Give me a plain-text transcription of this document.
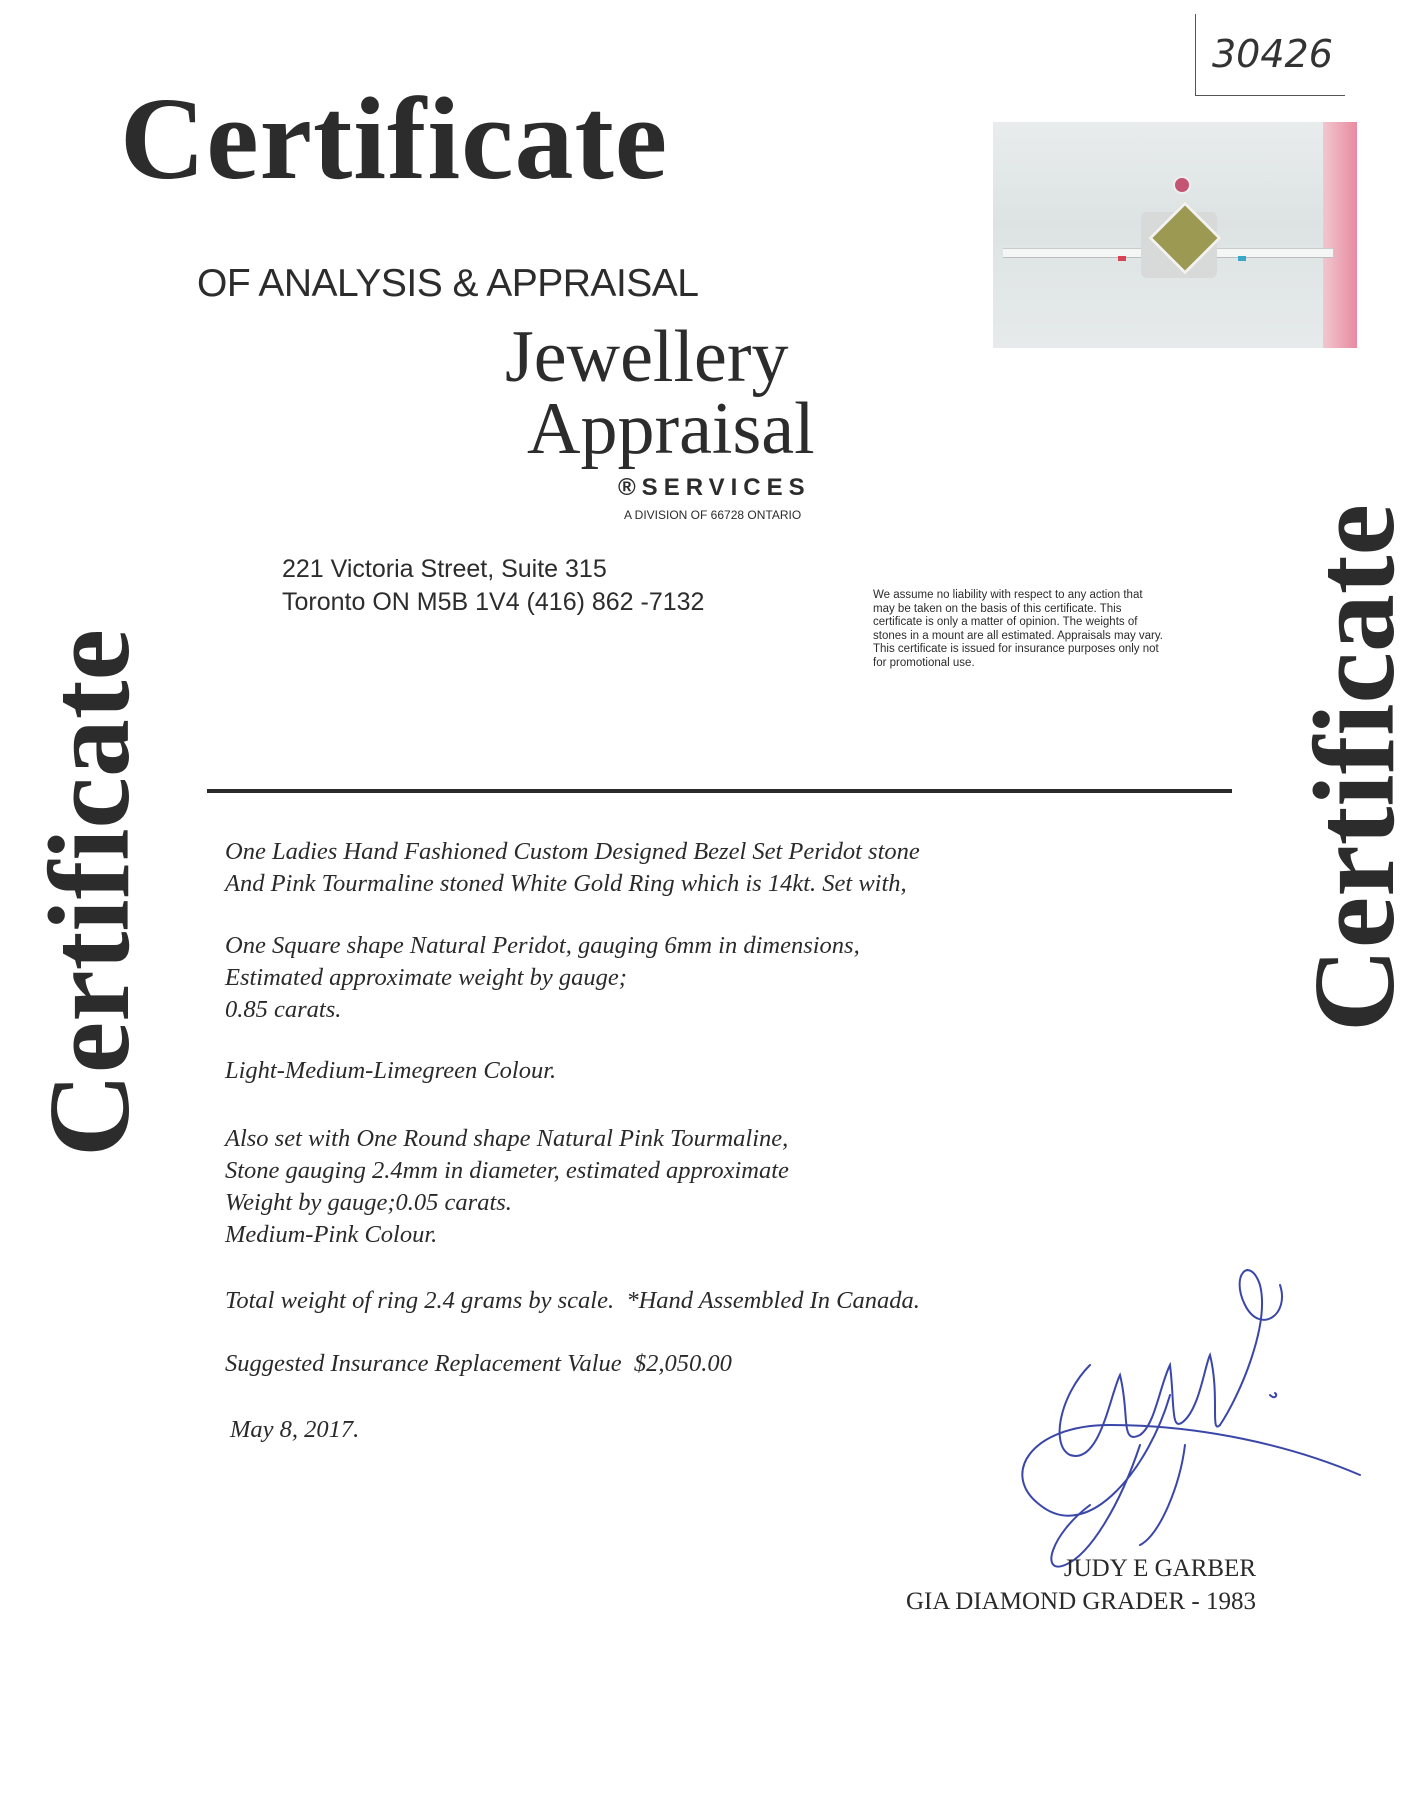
30426
Certificate
Certificate	Certificate
OF ANALYSIS & APPRAISAL
Jewellery
Appraisal
®SERVICES
A DIVISION OF 66728 ONTARIO
221 Victoria Street, Suite 315
Toronto ON M5B 1V4 (416) 862 -7132	We assume no liability with respect to any action that may be taken on the basis of this certificate. This certificate is only a matter of opinion. The weights of stones in a mount are all estimated. Appraisals may vary. This certificate is issued for insurance purposes only not for promotional use.
One Ladies Hand Fashioned Custom Designed Bezel Set Peridot stone
And Pink Tourmaline stoned White Gold Ring which is 14kt. Set with,
One Square shape Natural Peridot, gauging 6mm in dimensions,
Estimated approximate weight by gauge;
0.85 carats.
Light-Medium-Limegreen Colour.
Also set with One Round shape Natural Pink Tourmaline,
Stone gauging 2.4mm in diameter, estimated approximate
Weight by gauge;0.05 carats.
Medium-Pink Colour.
Total weight of ring 2.4 grams by scale.  *Hand Assembled In Canada.
Suggested Insurance Replacement Value  $2,050.00
May 8, 2017.
JUDY E GARBER
GIA DIAMOND GRADER - 1983
